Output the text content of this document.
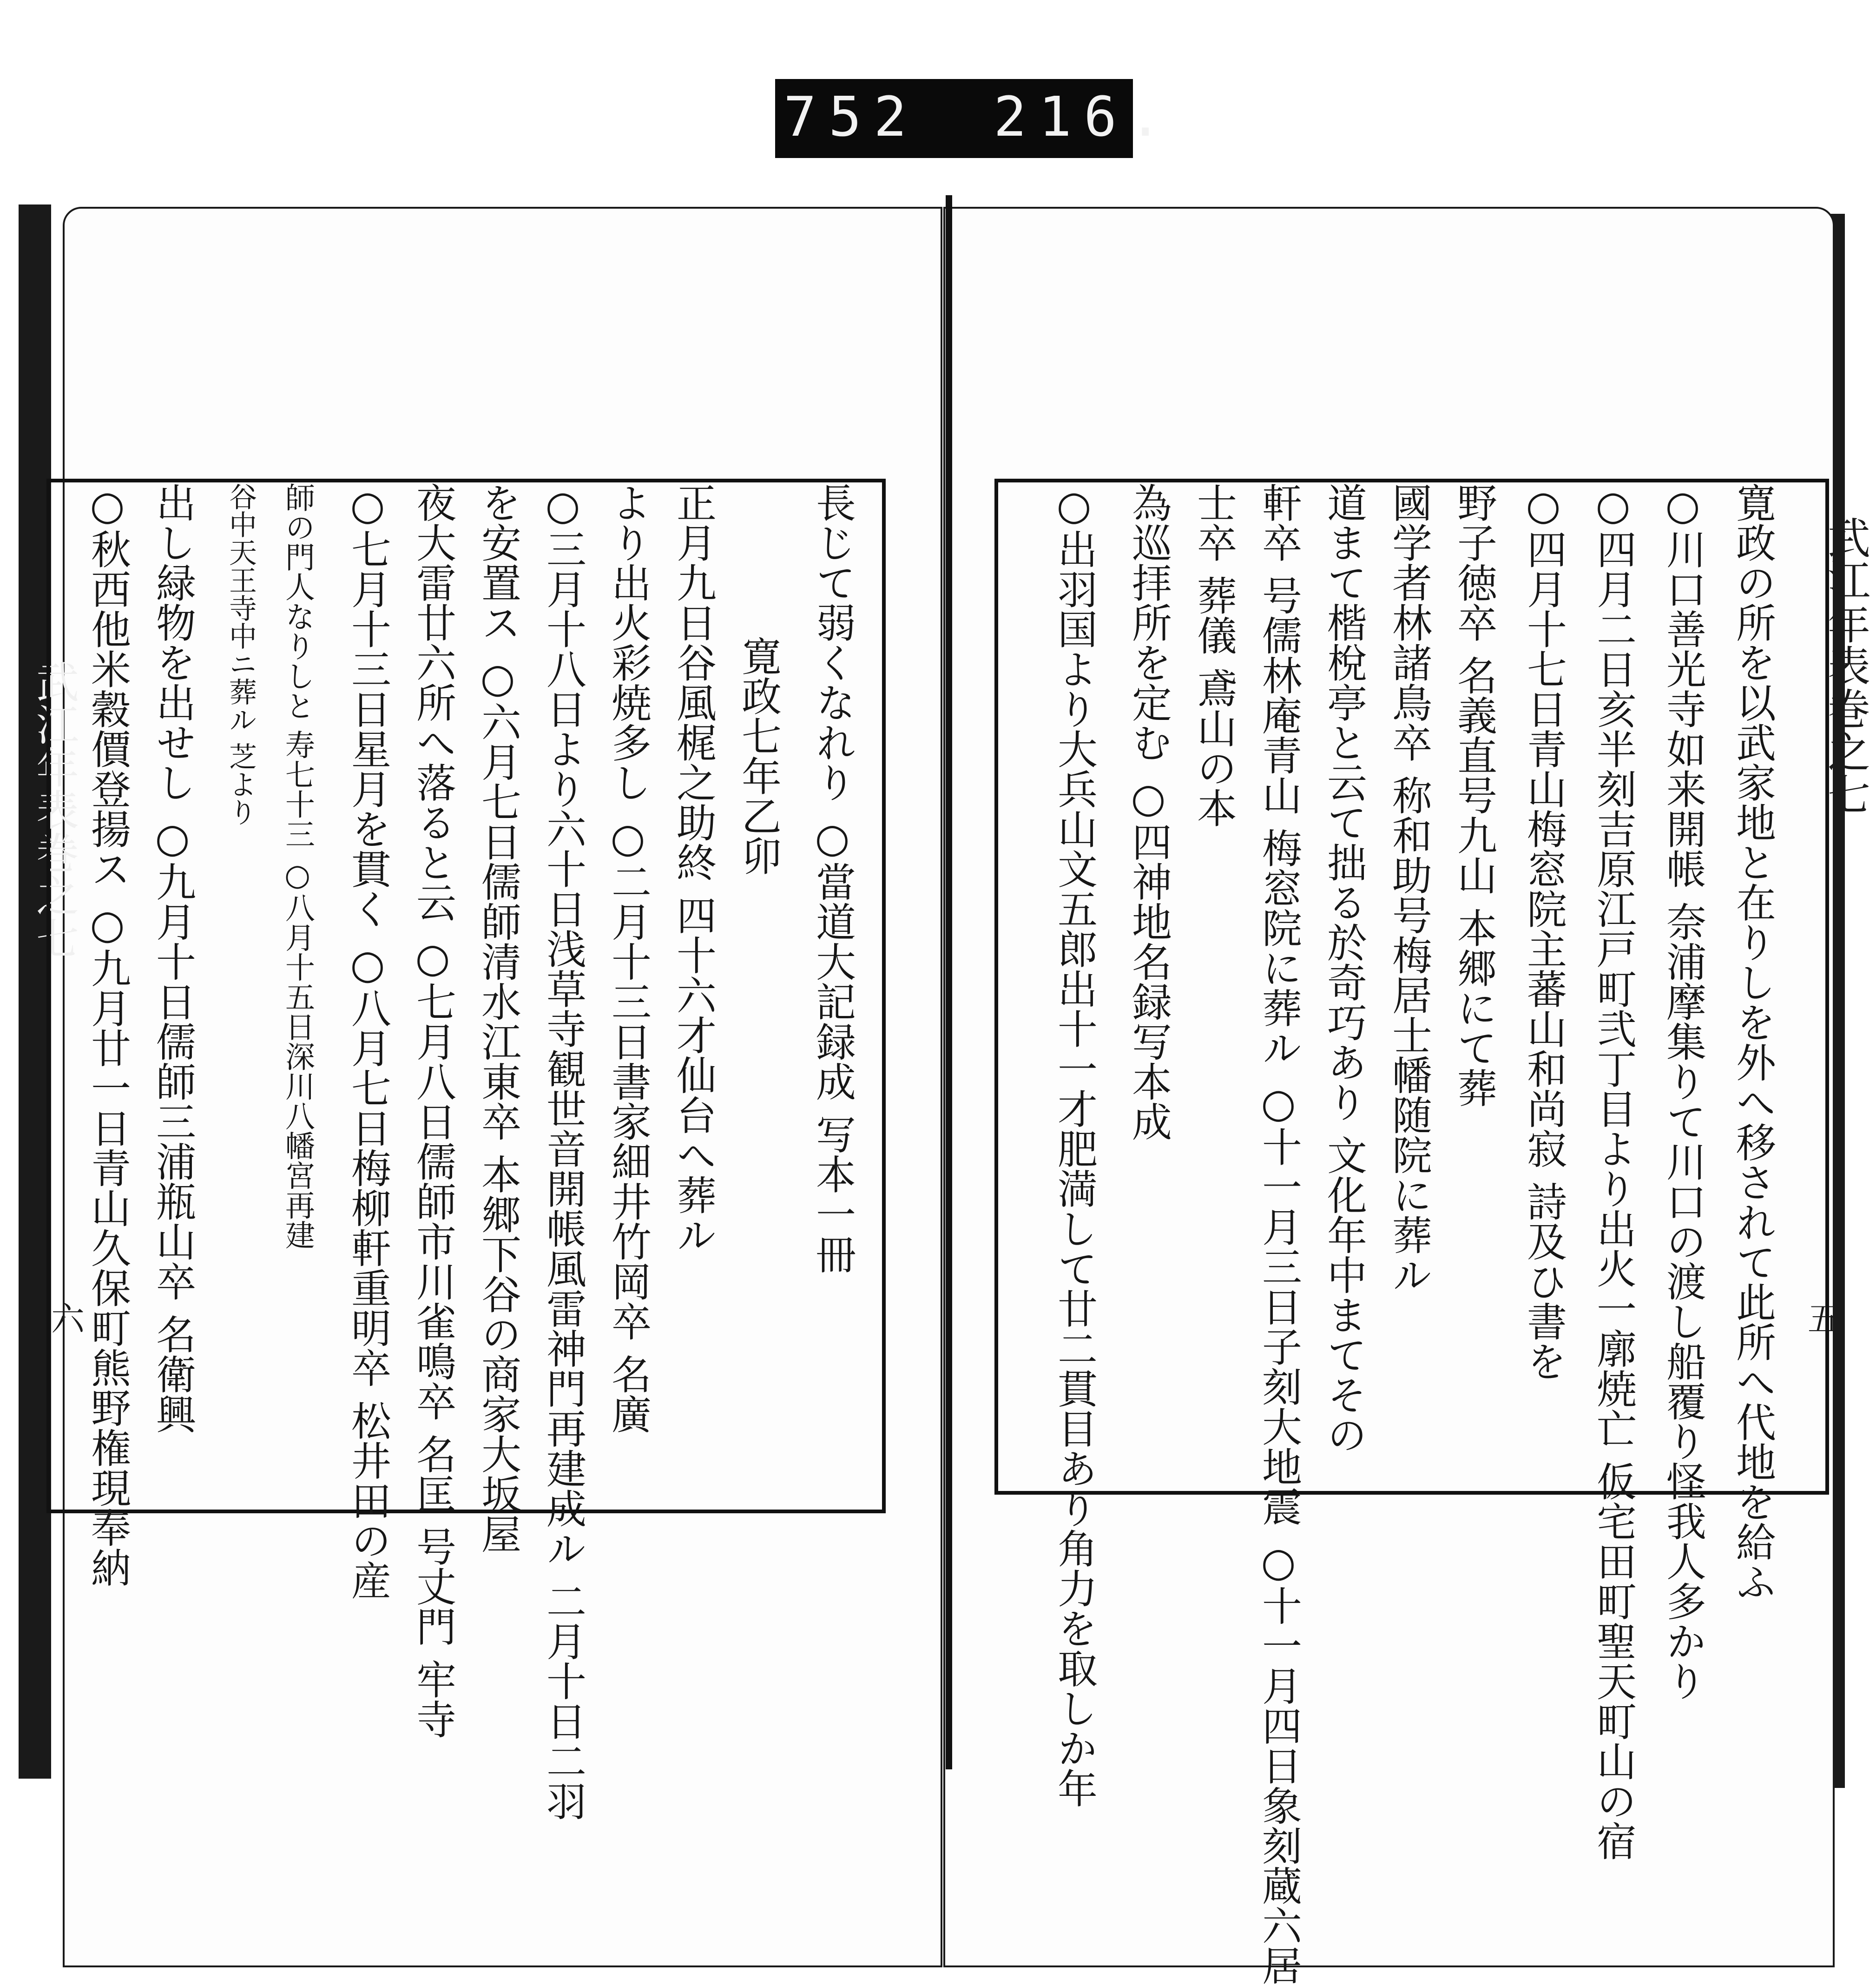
752 216.
武江年表巻之七
武江年表巻之七
五
六
長じて弱くなれり ○當道大記録成 写本一冊
寛政七年乙卯
正月九日谷風梶之助終 四十六才仙台へ葬ル
より出火彩焼多し ○二月十三日書家細井竹岡卒 名廣
○三月十八日より六十日浅草寺観世音開帳風雷神門再建成ル 二月十日二羽
を安置ス ○六月七日儒師清水江東卒 本郷下谷の商家大坂屋
夜大雷廿六所へ落ると云 ○七月八日儒師市川雀鳴卒 名匡 号丈門 牢寺
○七月十三日星月を貫く ○八月七日梅柳軒重明卒 松井田の産
師の門人なりしと 寿七十三 ○八月十五日深川八幡宮再建
谷中天王寺中ニ葬ル 芝より
出し緑物を出せし ○九月十日儒師三浦瓶山卒 名衛興
○秋西他米穀價登揚ス ○九月廿一日青山久保町熊野権現奉納	寛政の所を以武家地と在りしを外へ移されて此所へ代地を給ふ
○川口善光寺如来開帳 奈浦摩集りて川口の渡し船覆り怪我人多かり
○四月二日亥半刻吉原江戸町弐丁目より出火一廓焼亡 仮宅田町聖天町山の宿
○四月十七日青山梅窓院主蕃山和尚寂 詩及ひ書を
野子徳卒 名義直号九山 本郷にて葬
國学者林諸鳥卒 称和助号梅居士幡随院に葬ル
道まて楷梲亭と云て拙る於奇巧あり 文化年中まてその
軒卒 号儒林庵青山 梅窓院に葬ル ○十一月三日子刻大地震 ○十一月四日象刻蔵六居
士卒 葬儀 鳶山の本
為巡拝所を定む ○四神地名録写本成
○出羽国より大兵山文五郎出十一才肥満して廿二貫目あり角力を取しか年
